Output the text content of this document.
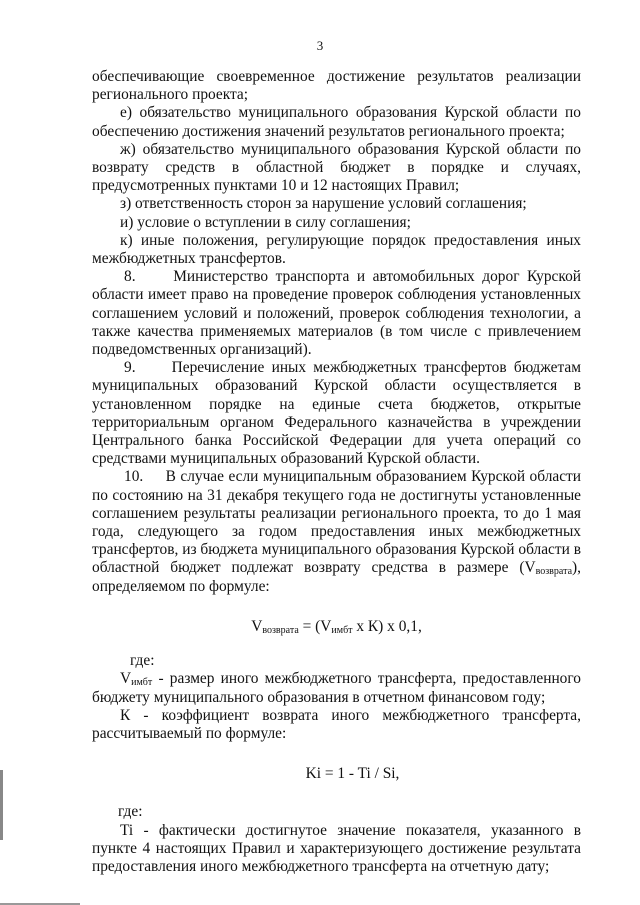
3

обеспечивающие своевременное достижение результатов реализации регионального проекта;

е) обязательство муниципального образования Курской области по обеспечению достижения значений результатов регионального проекта;

ж) обязательство муниципального образования Курской области по возврату средств в областной бюджет в порядке и случаях, предусмотренных пунктами 10 и 12 настоящих Правил;

з) ответственность сторон за нарушение условий соглашения;

и) условие о вступлении в силу соглашения;

к) иные положения, регулирующие порядок предоставления иных межбюджетных трансфертов.

8.     Министерство транспорта и автомобильных дорог Курской области имеет право на проведение проверок соблюдения установленных соглашением условий и положений, проверок соблюдения технологии, а также качества применяемых материалов (в том числе с привлечением подведомственных организаций).

9.     Перечисление иных межбюджетных трансфертов бюджетам муниципальных образований Курской области осуществляется в установленном порядке на единые счета бюджетов, открытые территориальным органом Федерального казначейства в учреждении Центрального банка Российской Федерации для учета операций со средствами муниципальных образований Курской области.

10.     В случае если муниципальным образованием Курской области по состоянию на 31 декабря текущего года не достигнуты установленные соглашением результаты реализации регионального проекта, то до 1 мая года, следующего за годом предоставления иных межбюджетных трансфертов, из бюджета муниципального образования Курской области в областной бюджет подлежат возврату средства в размере $(V_{возврата})$, определяемом по формуле:

$V_{возврата} = (V_{имбт}$ х К) х 0,1,

где:

$V_{имбт}$ - размер иного межбюджетного трансферта, предоставленного бюджету муниципального образования в отчетном финансовом году;

К - коэффициент возврата иного межбюджетного трансферта, рассчитываемый по формуле:

Ki = 1 - Ti / Si,

где:

Ti - фактически достигнутое значение показателя, указанного в пункте 4 настоящих Правил и характеризующего достижение результата предоставления иного межбюджетного трансферта на отчетную дату;
